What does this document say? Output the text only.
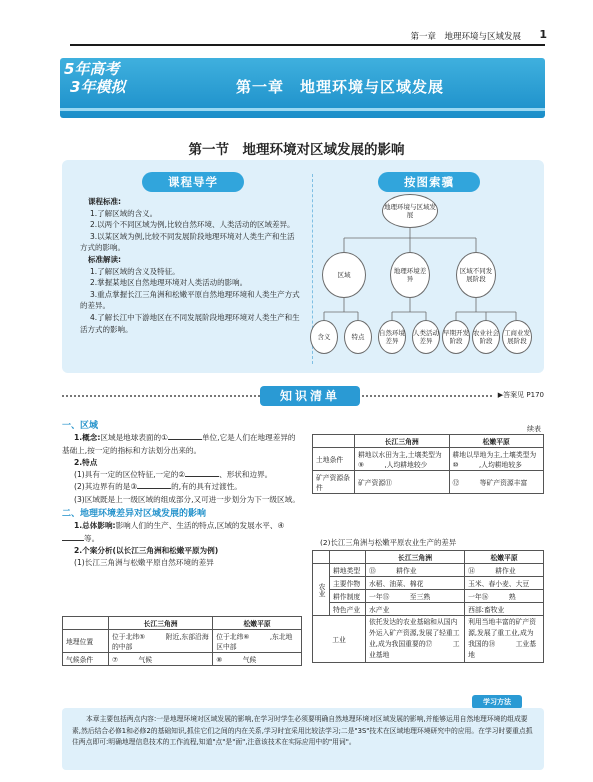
第一章　地理环境与区域发展 1
5年高考
3年模拟	第一章　地理环境与区域发展
第一节　地理环境对区域发展的影响
课程导学	按图索骥
课程标准:

1.了解区域的含义。

2.以两个不同区域为例,比较自然环境、人类活动的区域差异。

3.以某区域为例,比较不同发展阶段地理环境对人类生产和生活方式的影响。

标准解读:

1.了解区域的含义及特征。

2.掌握某地区自然地理环境对人类活动的影响。

3.重点掌握长江三角洲和松嫩平原自然地理环境和人类生产方式的差异。

4.了解长江中下游地区在不同发展阶段地理环境对人类生产和生活方式的影响。

地理环境与区域发展
区域	地理环境差异
区域不同发展阶段
含义	特点	自然环境差异
人类活动差异
早期开发阶段
农业社会阶段
工商业发展阶段
知识清单	▶答案见 P170
一、区域

1.概念:区域是地球表面的①	单位,它是人们在地理差异的基础上,按一定的指标和方法划分出来的。

2.特点

(1)具有一定的区位特征,一定的②	、形状和边界。

(2)其边界有的是③	的,有的具有过渡性。

(3)区域既是上一级区域的组成部分,又可进一步划分为下一级区域。

二、地理环境差异对区域发展的影响

1.总体影响:影响人们的生产、生活的特点,区域的发展水平、④等。

2.个案分析(以长江三角洲和松嫩平原为例)

(1)长江三角洲与松嫩平原自然环境的差异

	长江三角洲	松嫩平原
地理位置	位于北纬⑤　　　附近,东部沿海的中部	位于北纬⑥　　　,东北地区中部
气候条件	⑦　　　气候	⑧　　　气候
续表
	长江三角洲	松嫩平原
土地条件	耕地以水田为主,土壤类型为⑨　　　,人均耕地较少	耕地以旱地为主,土壤类型为⑩　　　,人均耕地较多
矿产资源条件	矿产资源⑪　　　	⑫　　　等矿产资源丰富
(2)长江三角洲与松嫩平原农业生产的差异
		长江三角洲	松嫩平原
农业	耕地类型	⑬　　　耕作业	⑭　　　耕作业
	主要作物	水稻、油菜、棉花	玉米、春小麦、大豆
	耕作制度	一年⑮　　　至三熟	一年⑯　　　熟
	特色产业	水产业	西部:畜牧业
工业		依托发达的农业基础和从国内外运入矿产资源,发展了轻重工业,成为我国重要的⑰　　　工业基地	利用当地丰富的矿产资源,发展了重工业,成为我国的⑱　　　工业基地
学习方法

本章主要包括两点内容:一是地理环境对区域发展的影响,在学习时学生必须要明确自然地理环境对区域发展的影响,并能够运用自然地理环境的组成要素,然后结合必修1和必修2的基础知识,抓住它们之间的内在关系,学习时宜采用比较法学习;二是"3S"技术在区域地理环境研究中的应用。在学习时要重点抓住两点即可:明确地理信息技术的工作流程,知道"点"是"面",注意该技术在实际应用中的"用词"。
